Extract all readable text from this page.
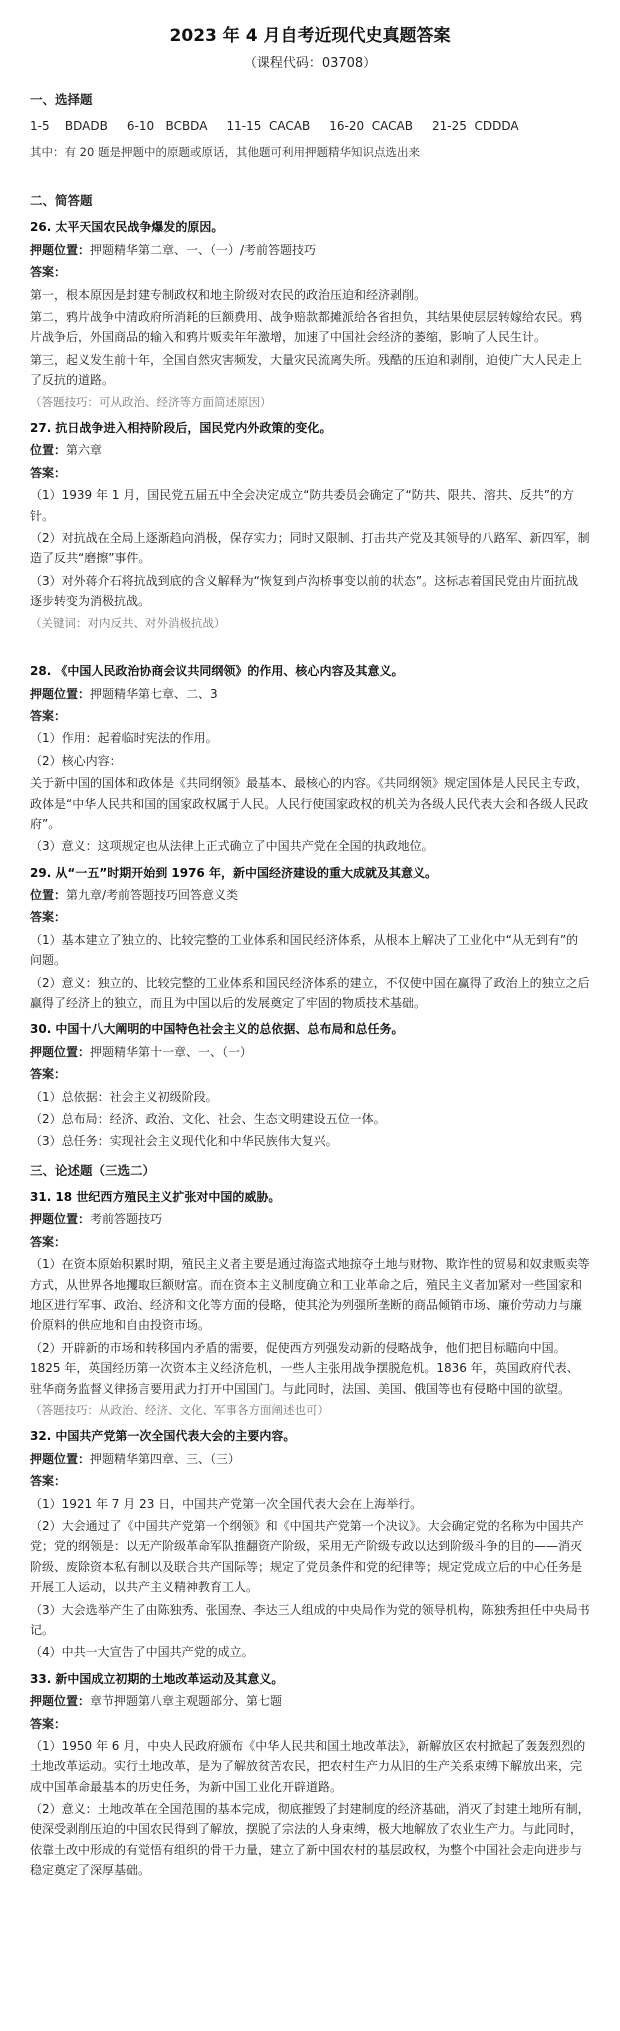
2023 年 4 月自考近现代史真题答案
（课程代码：03708）
一、选择题
1-5    BDADB     6-10   BCBDA     11-15  CACAB     16-20  CACAB     21-25  CDDDA
其中：有 20 题是押题中的原题或原话，其他题可利用押题精华知识点选出来
二、简答题
26. 太平天国农民战争爆发的原因。
押题位置：押题精华第二章、一、（一）/考前答题技巧
答案：
第一，根本原因是封建专制政权和地主阶级对农民的政治压迫和经济剥削。
第二，鸦片战争中清政府所消耗的巨额费用、战争赔款都摊派给各省担负，其结果使层层转嫁给农民。鸦片战争后，外国商品的输入和鸦片贩卖年年激增，加速了中国社会经济的萎缩，影响了人民生计。
第三，起义发生前十年，全国自然灾害频发，大量灾民流离失所。残酷的压迫和剥削，迫使广大人民走上了反抗的道路。
（答题技巧：可从政治、经济等方面简述原因）
27. 抗日战争进入相持阶段后，国民党内外政策的变化。
位置：第六章
答案：
（1）1939 年 1 月，国民党五届五中全会决定成立“防共委员会确定了“防共、限共、溶共、反共”的方针。
（2）对抗战在全局上逐渐趋向消极，保存实力；同时又限制、打击共产党及其领导的八路军、新四军，制造了反共“磨擦”事件。
（3）对外蒋介石将抗战到底的含义解释为“恢复到卢沟桥事变以前的状态”。这标志着国民党由片面抗战逐步转变为消极抗战。
（关键词：对内反共、对外消极抗战）
28. 《中国人民政治协商会议共同纲领》的作用、核心内容及其意义。
押题位置：押题精华第七章、二、3
答案：
（1）作用：起着临时宪法的作用。
（2）核心内容：
关于新中国的国体和政体是《共同纲领》最基本、最核心的内容。《共同纲领》规定国体是人民民主专政，政体是“中华人民共和国的国家政权属于人民。人民行使国家政权的机关为各级人民代表大会和各级人民政府”。
（3）意义：这项规定也从法律上正式确立了中国共产党在全国的执政地位。
29. 从“一五”时期开始到 1976 年，新中国经济建设的重大成就及其意义。
位置：第九章/考前答题技巧回答意义类
答案：
（1）基本建立了独立的、比较完整的工业体系和国民经济体系，从根本上解决了工业化中“从无到有”的问题。
（2）意义：独立的、比较完整的工业体系和国民经济体系的建立，不仅使中国在赢得了政治上的独立之后赢得了经济上的独立，而且为中国以后的发展奠定了牢固的物质技术基础。
30. 中国十八大阐明的中国特色社会主义的总依据、总布局和总任务。
押题位置：押题精华第十一章、一、（一）
答案：
（1）总依据：社会主义初级阶段。
（2）总布局：经济、政治、文化、社会、生态文明建设五位一体。
（3）总任务：实现社会主义现代化和中华民族伟大复兴。
三、论述题（三选二）
31. 18 世纪西方殖民主义扩张对中国的威胁。
押题位置：考前答题技巧
答案：
（1）在资本原始积累时期，殖民主义者主要是通过海盗式地掠夺土地与财物、欺诈性的贸易和奴隶贩卖等方式，从世界各地攫取巨额财富。而在资本主义制度确立和工业革命之后，殖民主义者加紧对一些国家和地区进行军事、政治、经济和文化等方面的侵略，使其沦为列强所垄断的商品倾销市场、廉价劳动力与廉价原料的供应地和自由投资市场。
（2）开辟新的市场和转移国内矛盾的需要，促使西方列强发动新的侵略战争，他们把目标瞄向中国。1825 年，英国经历第一次资本主义经济危机，一些人主张用战争摆脱危机。1836 年，英国政府代表、驻华商务监督义律扬言要用武力打开中国国门。与此同时，法国、美国、俄国等也有侵略中国的欲望。
（答题技巧：从政治、经济、文化、军事各方面阐述也可）
32. 中国共产党第一次全国代表大会的主要内容。
押题位置：押题精华第四章、三、（三）
答案：
（1）1921 年 7 月 23 日，中国共产党第一次全国代表大会在上海举行。
（2）大会通过了《中国共产党第一个纲领》和《中国共产党第一个决议》。大会确定党的名称为中国共产党；党的纲领是：以无产阶级革命军队推翻资产阶级，采用无产阶级专政以达到阶级斗争的目的——消灭阶级、废除资本私有制以及联合共产国际等；规定了党员条件和党的纪律等；规定党成立后的中心任务是开展工人运动，以共产主义精神教育工人。
（3）大会选举产生了由陈独秀、张国焘、李达三人组成的中央局作为党的领导机构，陈独秀担任中央局书记。
（4）中共一大宣告了中国共产党的成立。
33. 新中国成立初期的土地改革运动及其意义。
押题位置：章节押题第八章主观题部分、第七题
答案：
（1）1950 年 6 月，中央人民政府颁布《中华人民共和国土地改革法》，新解放区农村掀起了轰轰烈烈的土地改革运动。实行土地改革，是为了解放贫苦农民，把农村生产力从旧的生产关系束缚下解放出来，完成中国革命最基本的历史任务，为新中国工业化开辟道路。
（2）意义：土地改革在全国范围的基本完成，彻底摧毁了封建制度的经济基础，消灭了封建土地所有制，使深受剥削压迫的中国农民得到了解放，摆脱了宗法的人身束缚，极大地解放了农业生产力。与此同时，依靠土改中形成的有觉悟有组织的骨干力量，建立了新中国农村的基层政权，为整个中国社会走向进步与稳定奠定了深厚基础。
